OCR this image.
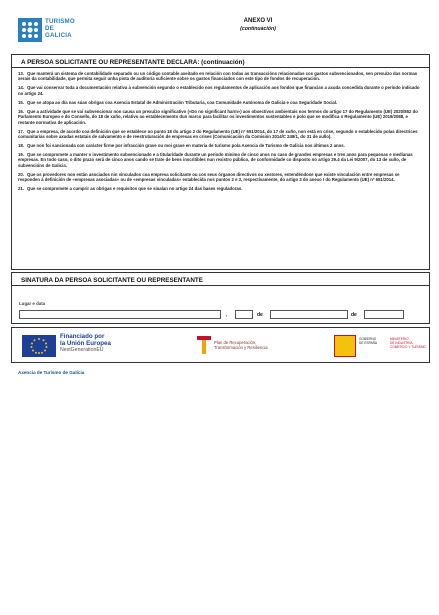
TURISMO
DE
GALICIA
ANEXO VI
(continuación)
A PERSOA SOLICITANTE OU REPRESENTANTE DECLARA: (continuación)
13. Que manterá un sistema de contabilidade separado ou un código contable axeitado en relación con todas as transaccións relacionadas cos gastos subvencionados, sen prexuízo das normas xerais da contabilidade, que permita seguir unha pista de auditoría suficiente sobre os gastos financiados con este tipo de fondos de recuperación.
14. Que vai conservar toda a documentación relativa á subvención segundo o establecido nos regulamentos de aplicación aos fondos que financian a axuda concedida durante o período indicado no artigo 24.
15. Que se atopa ao día nas súas obrigas coa Axencia Estatal de Administración Tributaria, coa Comunidade Autónoma de Galicia e coa Seguridade Social.
16. Que a actividade que se vai subvencionar non causa un prexuízo significativo («Do no significant harm») aos obxectivos ambientais nos termos do artigo 17 do Regulamento (UE) 2020/852 do Parlamento Europeo e do Consello, do 18 de xuño, relativo ao establecemento dun marco para facilitar os investimentos sustentables e polo que se modifica o Regulamento (UE) 2019/2088, e restante normativa de aplicación.
17. Que a empresa, de acordo coa definición que se establece no punto 18 do artigo 2 do Regulamento (UE) nº 651/2014, do 17 de xuño, non está en crise, segundo o establecido polas directrices comunitarias sobre axudas estatais de salvamento e de reestruturación de empresas en crises (Comunicación da Comisión 2014/C 249/1, do 31 de xullo).
18. Que non foi sancionada con carácter firme por infracción grave ou moi grave en materia de turismo pola Axencia de Turismo de Galicia nos últimos 2 anos.
19. Que se compromete a manter o investimento subvencionado e a titularidade durante un período mínimo de cinco anos no caso de grandes empresas e tres anos para pequenas e medianas empresas. En todo caso, o dito prazo será de cinco anos cando se trate de bens inscritibles nun rexistro público, de conformidade co disposto no artigo 29.4 da Lei 9/2007, do 13 de xuño, de subvencións de Galicia.
20. Que os provedores non están asociados nin vinculados coa empresa solicitante ou cos seus órganos directivos ou xestores, entendéndose que existe vinculación entre empresas se responden á definición de «empresas asociadas» ou de «empresas vinculadas» establecida nos puntos 2 e 3, respectivamente, do artigo 3 do anexo I do Regulamento (UE) nº 651/2014.
21. Que se compromete a cumprir as obrigas e requisitos que se sinalan no artigo 24 das bases reguladoras.
SINATURA DA PERSOA SOLICITANTE OU REPRESENTANTE
Lugar e data
,	de	de
Financiado por
la Unión Europea
NextGenerationEU
Plan de Recuperación,
Transformación y Resiliencia
GOBIERNO
DE ESPAÑA
MINISTERIO
DE INDUSTRIA,
COMERCIO Y TURISMO
Axencia de Turismo de Galicia
